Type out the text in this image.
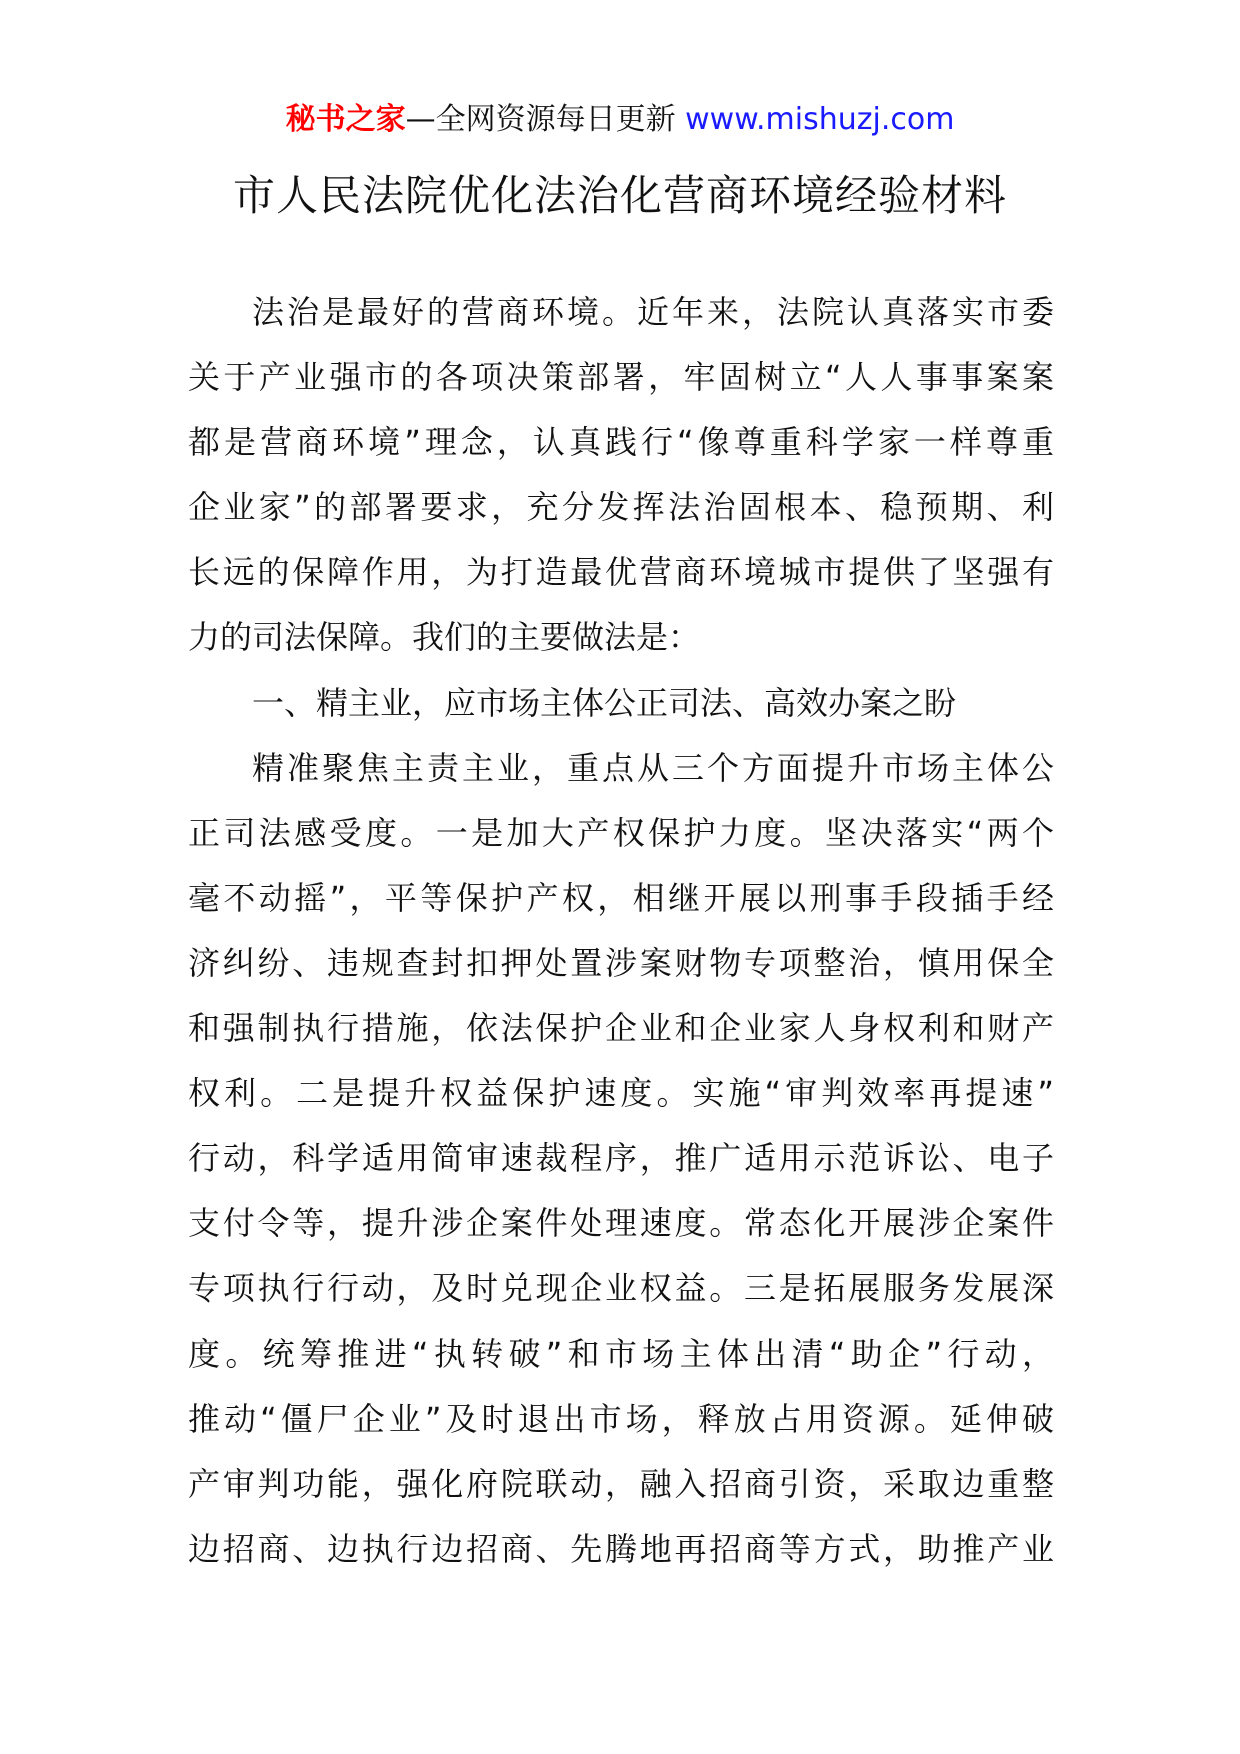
秘书之家—全网资源每日更新 www.mishuzj.com
市人民法院优化法治化营商环境经验材料
法治是最好的营商环境。近年来，法院认真落实市委
关于产业强市的各项决策部署，牢固树立“人人事事案案
都是营商环境”理念，认真践行“像尊重科学家一样尊重
企业家”的部署要求，充分发挥法治固根本、稳预期、利
长远的保障作用，为打造最优营商环境城市提供了坚强有
力的司法保障。我们的主要做法是：
一、精主业，应市场主体公正司法、高效办案之盼
精准聚焦主责主业，重点从三个方面提升市场主体公
正司法感受度。一是加大产权保护力度。坚决落实“两个
毫不动摇”，平等保护产权，相继开展以刑事手段插手经
济纠纷、违规查封扣押处置涉案财物专项整治，慎用保全
和强制执行措施，依法保护企业和企业家人身权利和财产
权利。二是提升权益保护速度。实施“审判效率再提速”
行动，科学适用简审速裁程序，推广适用示范诉讼、电子
支付令等，提升涉企案件处理速度。常态化开展涉企案件
专项执行行动，及时兑现企业权益。三是拓展服务发展深
度。统筹推进“执转破”和市场主体出清“助企”行动，
推动“僵尸企业”及时退出市场，释放占用资源。延伸破
产审判功能，强化府院联动，融入招商引资，采取边重整
边招商、边执行边招商、先腾地再招商等方式，助推产业
